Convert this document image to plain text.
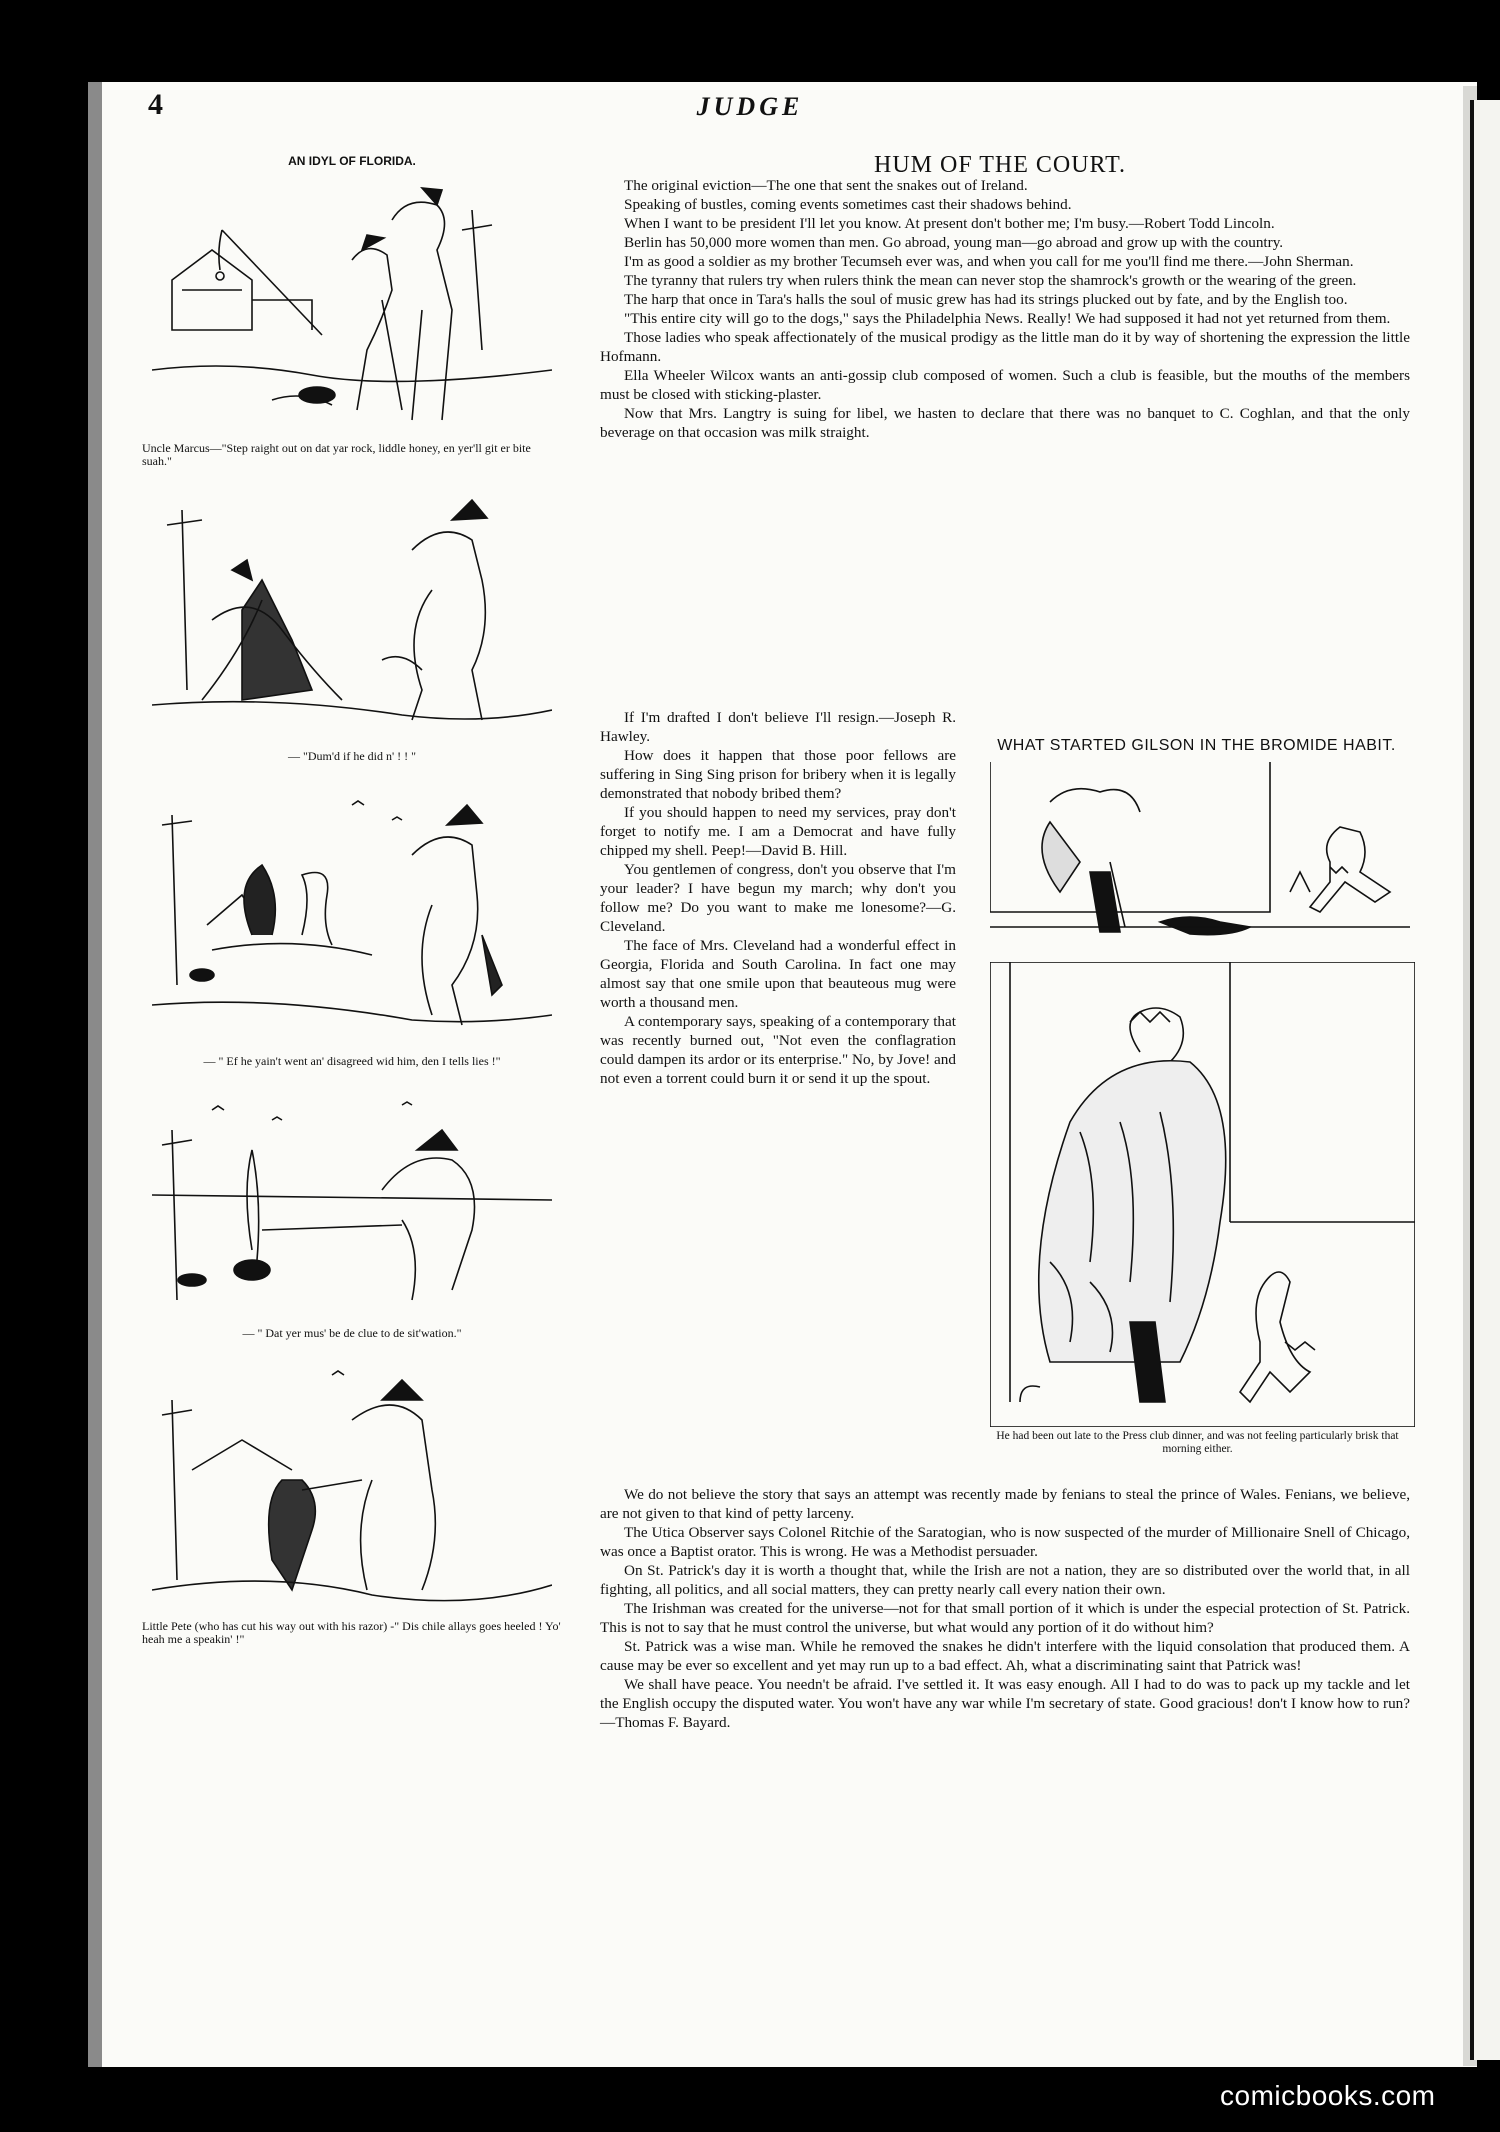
4	JUDGE
AN IDYL OF FLORIDA.
Uncle Marcus—"Step raight out on dat yar rock, liddle honey, en yer'll git er bite suah."
— "Dum'd if he did n' ! ! "
— " Ef he yain't went an' disagreed wid him, den I tells lies !"
— " Dat yer mus' be de clue to de sit'wation."
Little Pete (who has cut his way out with his razor) -" Dis chile allays goes heeled ! Yo' heah me a speakin' !"
HUM OF THE COURT.

The original eviction—The one that sent the snakes out of Ireland.

Speaking of bustles, coming events sometimes cast their shadows behind.

When I want to be president I'll let you know. At present don't bother me; I'm busy.—Robert Todd Lincoln.

Berlin has 50,000 more women than men. Go abroad, young man—go abroad and grow up with the country.

I'm as good a soldier as my brother Tecumseh ever was, and when you call for me you'll find me there.—John Sherman.

The tyranny that rulers try when rulers think the mean can never stop the shamrock's growth or the wearing of the green.

The harp that once in Tara's halls the soul of music grew has had its strings plucked out by fate, and by the English too.

"This entire city will go to the dogs," says the Philadelphia News. Really! We had supposed it had not yet returned from them.

Those ladies who speak affectionately of the musical prodigy as the little man do it by way of shortening the expression the little Hofmann.

Ella Wheeler Wilcox wants an anti-gossip club composed of women. Such a club is feasible, but the mouths of the members must be closed with sticking-plaster.

Now that Mrs. Langtry is suing for libel, we hasten to declare that there was no banquet to C. Coghlan, and that the only beverage on that occasion was milk straight.

If I'm drafted I don't believe I'll resign.—Joseph R. Hawley.

How does it happen that those poor fellows are suffering in Sing Sing prison for bribery when it is legally demonstrated that nobody bribed them?

If you should happen to need my services, pray don't forget to notify me. I am a Democrat and have fully chipped my shell. Peep!—David B. Hill.

You gentlemen of congress, don't you observe that I'm your leader? I have begun my march; why don't you follow me? Do you want to make me lonesome?—G. Cleveland.

The face of Mrs. Cleveland had a wonderful effect in Georgia, Florida and South Carolina. In fact one may almost say that one smile upon that beauteous mug were worth a thousand men.

A contemporary says, speaking of a contemporary that was recently burned out, "Not even the conflagration could dampen its ardor or its enterprise." No, by Jove! and not even a torrent could burn it or send it up the spout.

WHAT STARTED GILSON IN THE BROMIDE HABIT.
He had been out late to the Press club dinner, and was not feeling particularly brisk that morning either.

We do not believe the story that says an attempt was recently made by fenians to steal the prince of Wales. Fenians, we believe, are not given to that kind of petty larceny.

The Utica Observer says Colonel Ritchie of the Saratogian, who is now suspected of the murder of Millionaire Snell of Chicago, was once a Baptist orator. This is wrong. He was a Methodist persuader.

On St. Patrick's day it is worth a thought that, while the Irish are not a nation, they are so distributed over the world that, in all fighting, all politics, and all social matters, they can pretty nearly call every nation their own.

The Irishman was created for the universe—not for that small portion of it which is under the especial protection of St. Patrick. This is not to say that he must control the universe, but what would any portion of it do without him?

St. Patrick was a wise man. While he removed the snakes he didn't interfere with the liquid consolation that produced them. A cause may be ever so excellent and yet may run up to a bad effect. Ah, what a discriminating saint that Patrick was!

We shall have peace. You needn't be afraid. I've settled it. It was easy enough. All I had to do was to pack up my tackle and let the English occupy the disputed water. You won't have any war while I'm secretary of state. Good gracious! don't I know how to run?—Thomas F. Bayard.

comicbooks.com
